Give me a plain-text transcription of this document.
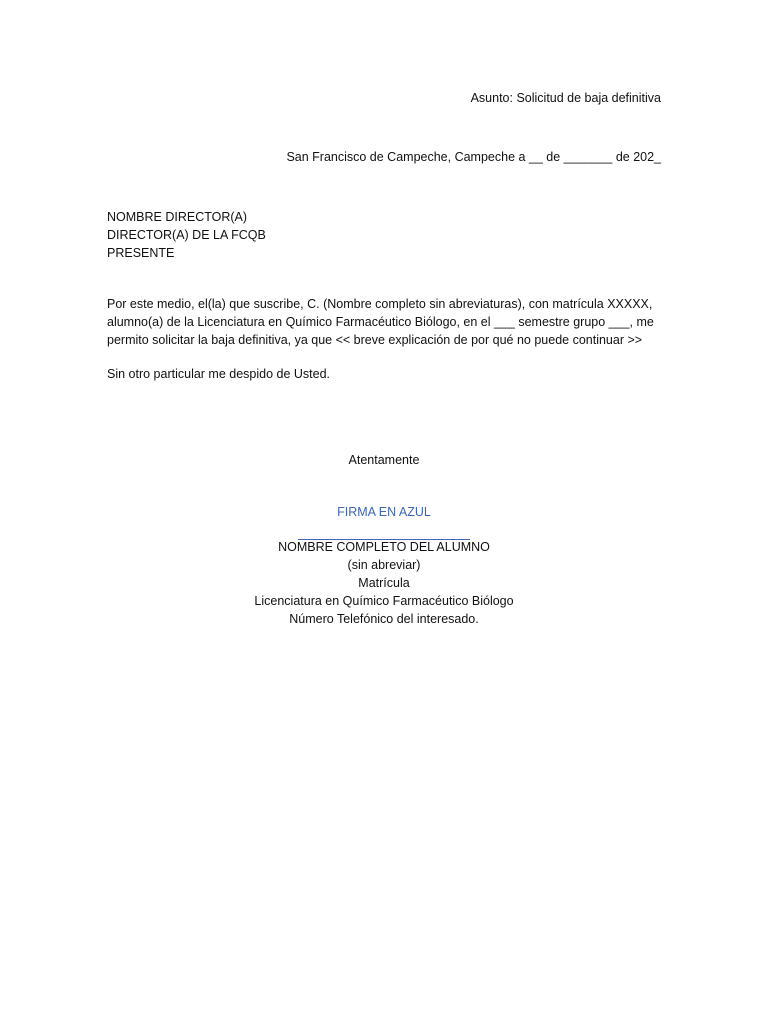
Asunto: Solicitud de baja definitiva
San Francisco de Campeche, Campeche a __ de _______ de 202_
NOMBRE DIRECTOR(A)
DIRECTOR(A) DE LA FCQB
PRESENTE
Por este medio, el(la) que suscribe, C. (Nombre completo sin abreviaturas), con matrícula XXXXX,
alumno(a) de la Licenciatura en Químico Farmacéutico Biólogo, en el ___ semestre grupo ___, me
permito solicitar la baja definitiva, ya que << breve explicación de por qué no puede continuar >>
Sin otro particular me despido de Usted.
Atentamente
FIRMA EN AZUL
NOMBRE COMPLETO DEL ALUMNO
(sin abreviar)
Matrícula
Licenciatura en Químico Farmacéutico Biólogo
Número Telefónico del interesado.
